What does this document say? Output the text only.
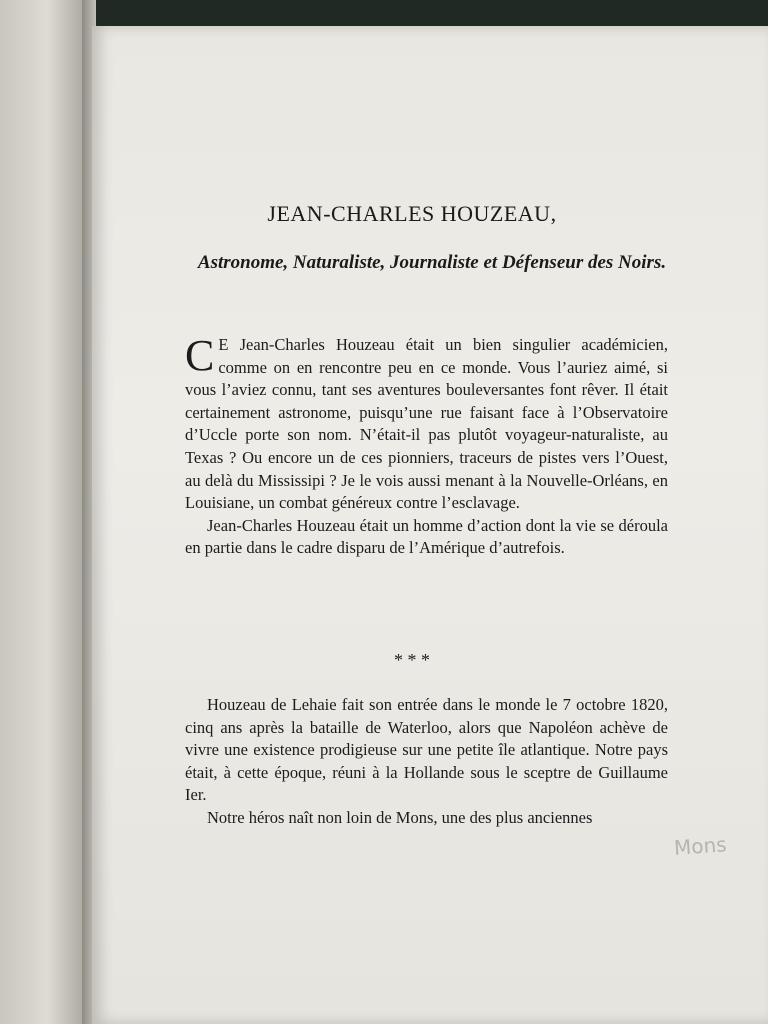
JEAN-CHARLES HOUZEAU,
Astronome, Naturaliste, Journaliste et Défenseur des Noirs.

C E Jean-Charles Houzeau était un bien singulier académicien, comme on en rencontre peu en ce monde. Vous l’auriez aimé, si vous l’aviez connu, tant ses aventures bouleversantes font rêver. Il était certainement astronome, puisqu’une rue faisant face à l’Observatoire d’Uccle porte son nom. N’était-il pas plutôt voyageur-naturaliste, au Texas ? Ou encore un de ces pionniers, traceurs de pistes vers l’Ouest, au delà du Mississipi ? Je le vois aussi menant à la Nouvelle-Orléans, en Louisiane, un combat généreux contre l’esclavage.

Jean-Charles Houzeau était un homme d’action dont la vie se déroula en partie dans le cadre disparu de l’Amérique d’autrefois.

* * *

Houzeau de Lehaie fait son entrée dans le monde le 7 octobre 1820, cinq ans après la bataille de Waterloo, alors que Napoléon achève de vivre une existence prodigieuse sur une petite île atlantique. Notre pays était, à cette époque, réuni à la Hollande sous le sceptre de Guillaume Ier.

Notre héros naît non loin de Mons, une des plus anciennes

Mons
